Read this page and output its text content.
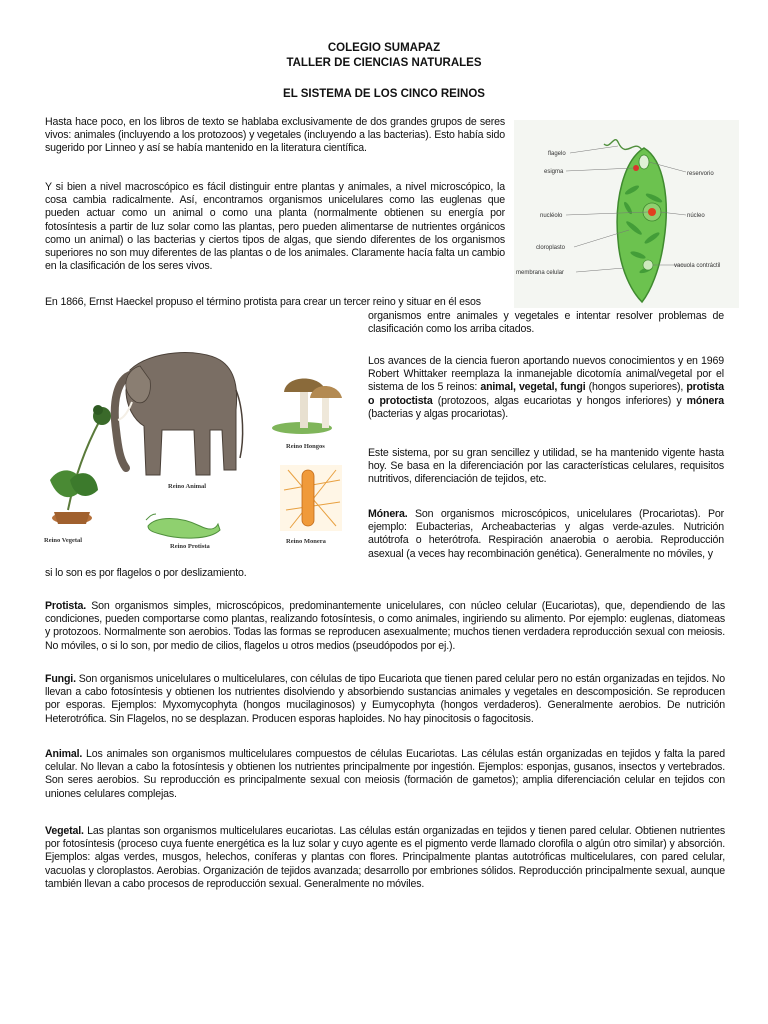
COLEGIO SUMAPAZ
TALLER DE CIENCIAS NATURALES
EL SISTEMA DE LOS CINCO REINOS

Hasta hace poco, en los libros de texto se hablaba exclusivamente de dos grandes grupos de seres vivos: animales (incluyendo a los protozoos) y vegetales (incluyendo a las bacterias). Esto había sido sugerido por Linneo y así se había mantenido en la literatura científica.

Y si bien a nivel macroscópico es fácil distinguir entre plantas y animales, a nivel microscópico, la cosa cambia radicalmente. Así, encontramos organismos unicelulares como las euglenas que pueden actuar como un animal o como una planta (normalmente obtienen su energía por fotosíntesis a partir de luz solar como las plantas, pero pueden alimentarse de nutrientes orgánicos como un animal) o las bacterias y ciertos tipos de algas, que siendo diferentes de los organismos superiores no son muy diferentes de las plantas o de los animales. Claramente hacía falta un cambio en la clasificación de los seres vivos.

En 1866, Ernst Haeckel propuso el término protista para crear un tercer reino y situar en él esos

organismos entre animales y vegetales e intentar resolver problemas de clasificación como los arriba citados.

Los avances de la ciencia fueron aportando nuevos conocimientos y en 1969 Robert Whittaker reemplaza la inmanejable dicotomía animal/vegetal por el sistema de los 5 reinos: animal, vegetal, fungi (hongos superiores), protista o protoctista (protozoos, algas eucariotas y hongos inferiores) y mónera (bacterias y algas procariotas).

Este sistema, por su gran sencillez y utilidad, se ha mantenido vigente hasta hoy. Se basa en la diferenciación por las características celulares, requisitos nutritivos, diferenciación de tejidos, etc.

Mónera. Son organismos microscópicos, unicelulares (Procariotas). Por ejemplo: Eubacterias, Archeabacterias y algas verde-azules. Nutrición autótrofa o heterótrofa. Respiración anaerobia o aerobia. Reproducción asexual (a veces hay recombinación genética). Generalmente no móviles, y

si lo son es por flagelos o por deslizamiento.

Protista. Son organismos simples, microscópicos, predominantemente unicelulares, con núcleo celular (Eucariotas), que, dependiendo de las condiciones, pueden comportarse como plantas, realizando fotosíntesis, o como animales, ingiriendo su alimento. Por ejemplo: euglenas, diatomeas y protozoos. Normalmente son aerobios. Todas las formas se reproducen asexualmente; muchos tienen verdadera reproducción sexual con meiosis. No móviles, o si lo son, por medio de cilios, flagelos u otros medios (pseudópodos por ej.).

Fungi. Son organismos unicelulares o multicelulares, con células de tipo Eucariota que tienen pared celular pero no están organizadas en tejidos. No llevan a cabo fotosíntesis y obtienen los nutrientes disolviendo y absorbiendo sustancias animales y vegetales en descomposición. Se reproducen por esporas. Ejemplos: Myxomycophyta (hongos mucilaginosos) y Eumycophyta (hongos verdaderos). Generalmente aerobios. De nutrición Heterotrófica. Sin Flagelos, no se desplazan. Producen esporas haploides. No hay pinocitosis o fagocitosis.

Animal. Los animales son organismos multicelulares compuestos de células Eucariotas. Las células están organizadas en tejidos y falta la pared celular. No llevan a cabo la fotosíntesis y obtienen los nutrientes principalmente por ingestión. Ejemplos: esponjas, gusanos, insectos y vertebrados. Son seres aerobios. Su reproducción es principalmente sexual con meiosis (formación de gametos); amplia diferenciación celular en tejidos con uniones celulares complejas.

Vegetal. Las plantas son organismos multicelulares eucariotas. Las células están organizadas en tejidos y tienen pared celular. Obtienen nutrientes por fotosíntesis (proceso cuya fuente energética es la luz solar y cuyo agente es el pigmento verde llamado clorofila o algún otro similar) y absorción. Ejemplos: algas verdes, musgos, helechos, coníferas y plantas con flores. Principalmente plantas autotróficas multicelulares, con pared celular, vacuolas y cloroplastos. Aerobias. Organización de tejidos avanzada; desarrollo por embriones sólidos. Reproducción principalmente sexual, aunque también llevan a cabo procesos de reproducción sexual. Generalmente no móviles.

flagelo
esigma
nucléolo
cloroplasto
membrana celular
reservorio
núcleo
vacuola contráctil
Reino Animal
Reino Vegetal
Reino Protista
Reino Hongos
Reino Monera
